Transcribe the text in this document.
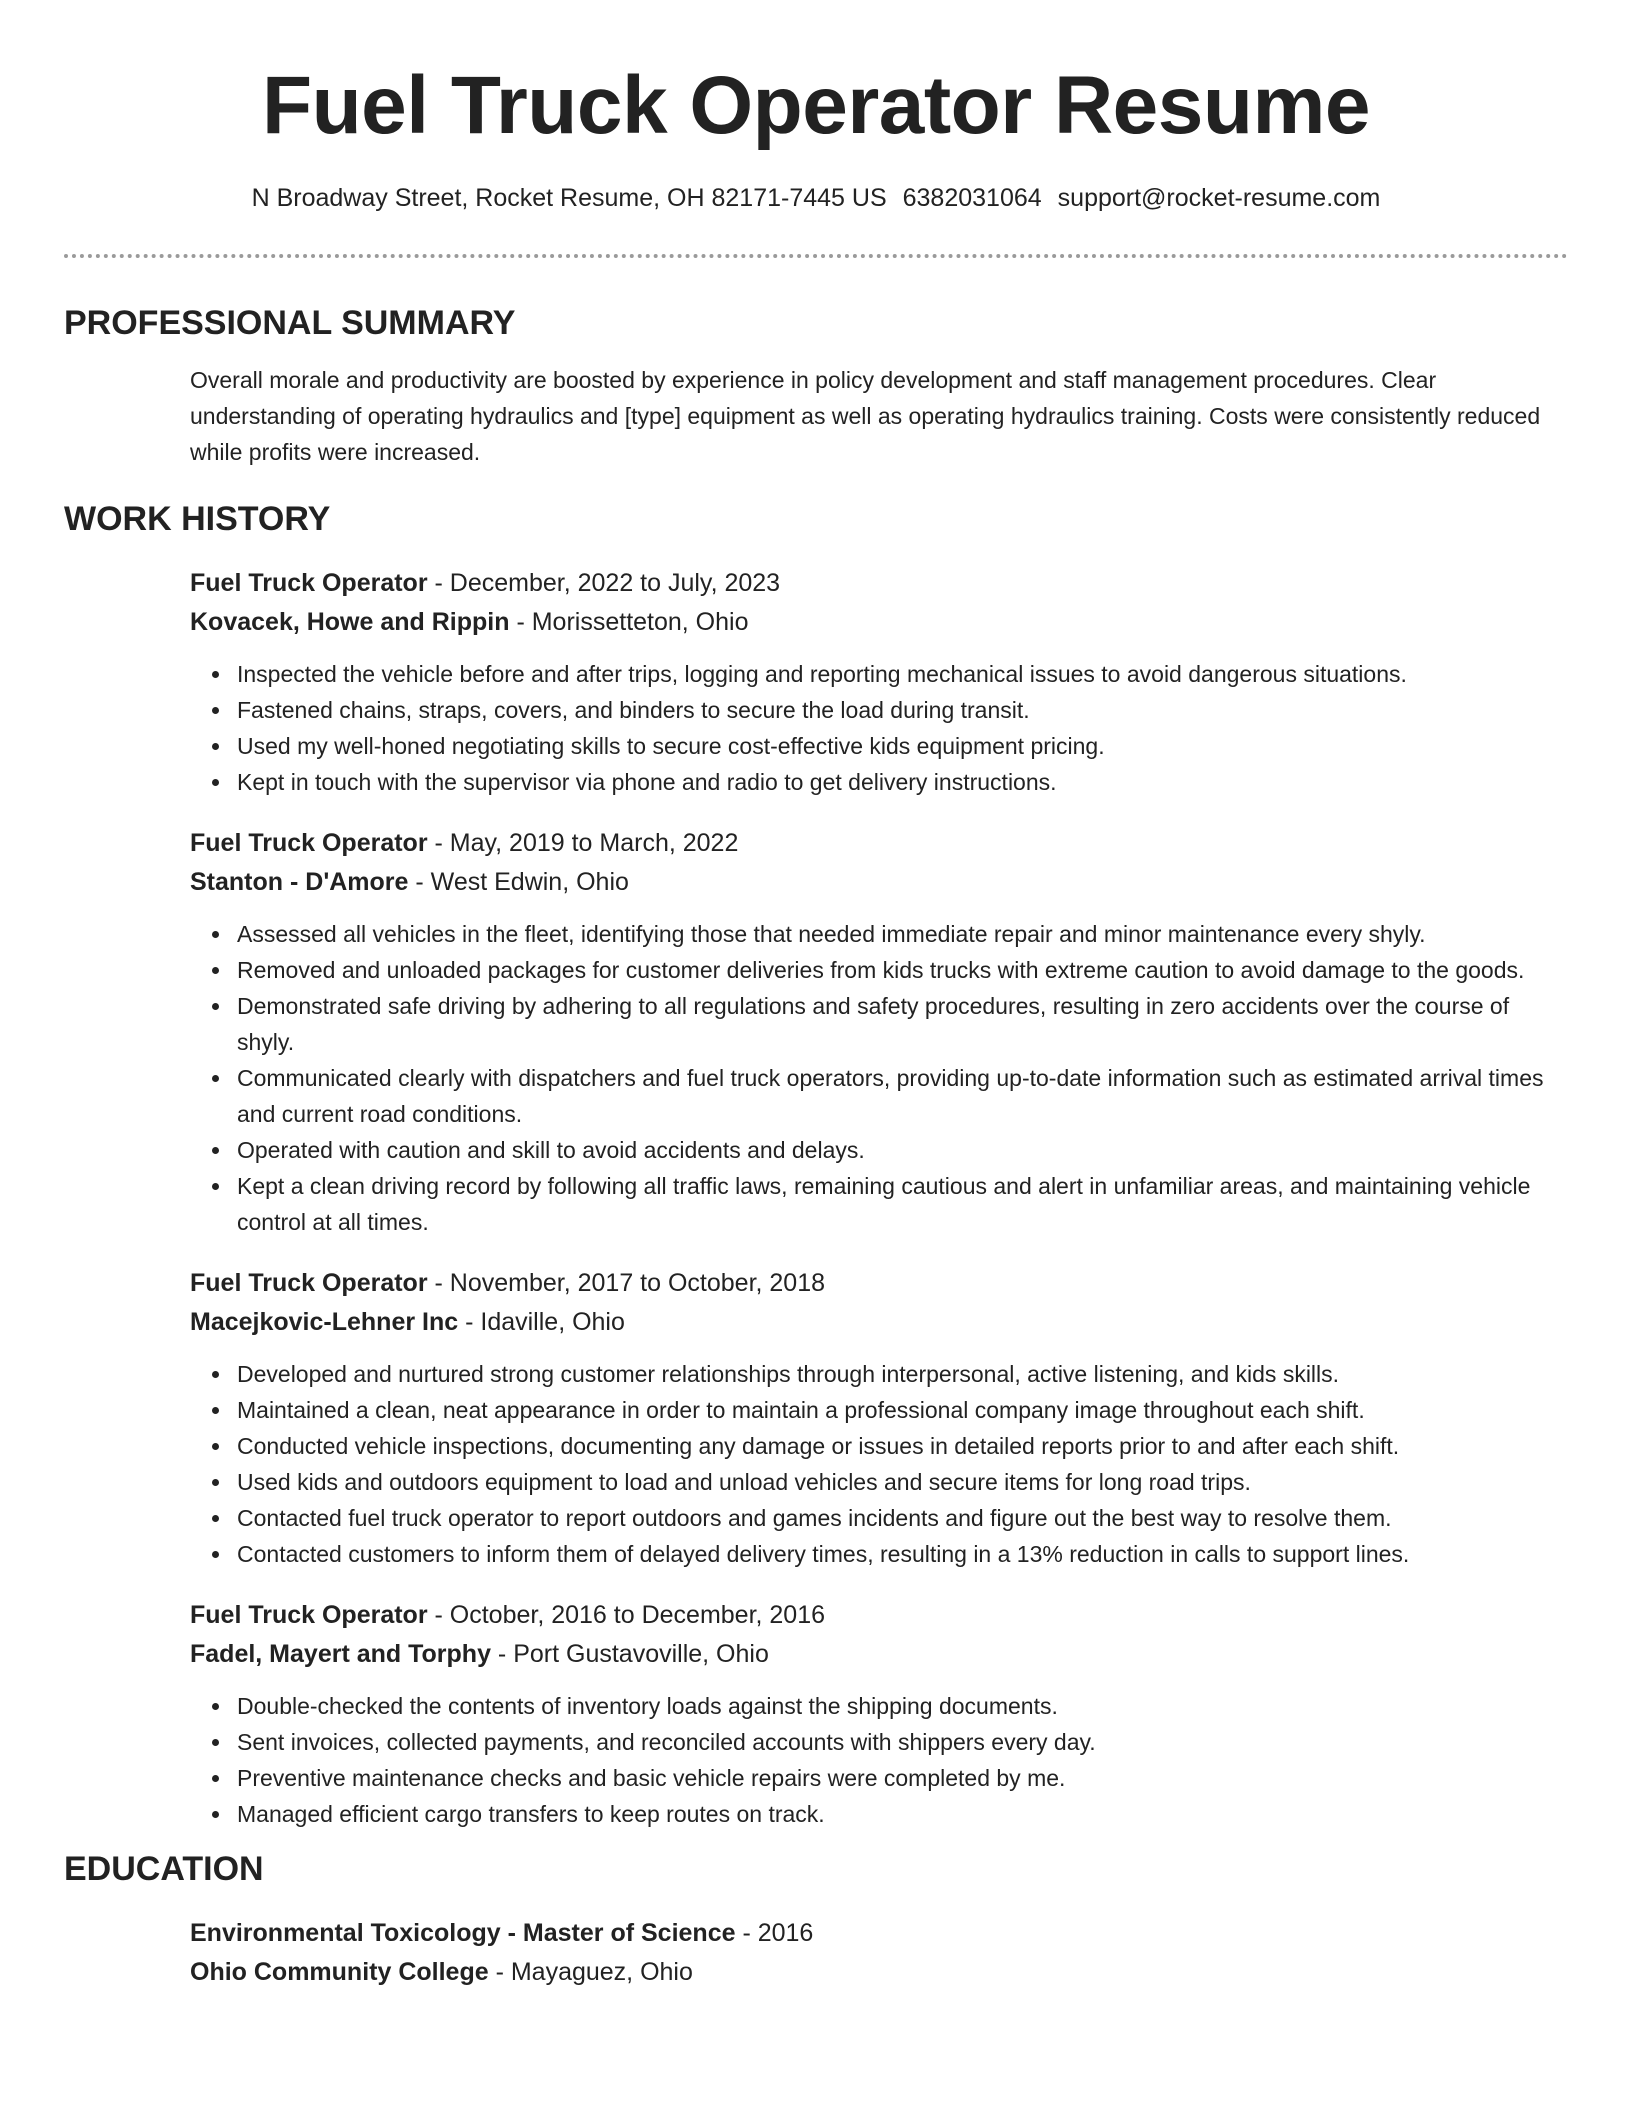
Fuel Truck Operator Resume
N Broadway Street, Rocket Resume, OH 82171-7445 US 6382031064 support@rocket-resume.com
PROFESSIONAL SUMMARY

Overall morale and productivity are boosted by experience in policy development and staff management procedures. Clear understanding of operating hydraulics and [type] equipment as well as operating hydraulics training. Costs were consistently reduced while profits were increased.

WORK HISTORY
Fuel Truck Operator - December, 2022 to July, 2023
Kovacek, Howe and Rippin - Morissetteton, Ohio
• Inspected the vehicle before and after trips, logging and reporting mechanical issues to avoid dangerous situations.
• Fastened chains, straps, covers, and binders to secure the load during transit.
• Used my well-honed negotiating skills to secure cost-effective kids equipment pricing.
• Kept in touch with the supervisor via phone and radio to get delivery instructions.
Fuel Truck Operator - May, 2019 to March, 2022
Stanton - D'Amore - West Edwin, Ohio
• Assessed all vehicles in the fleet, identifying those that needed immediate repair and minor maintenance every shyly.
• Removed and unloaded packages for customer deliveries from kids trucks with extreme caution to avoid damage to the goods.
• Demonstrated safe driving by adhering to all regulations and safety procedures, resulting in zero accidents over the course of shyly.
• Communicated clearly with dispatchers and fuel truck operators, providing up-to-date information such as estimated arrival times and current road conditions.
• Operated with caution and skill to avoid accidents and delays.
• Kept a clean driving record by following all traffic laws, remaining cautious and alert in unfamiliar areas, and maintaining vehicle control at all times.
Fuel Truck Operator - November, 2017 to October, 2018
Macejkovic-Lehner Inc - Idaville, Ohio
• Developed and nurtured strong customer relationships through interpersonal, active listening, and kids skills.
• Maintained a clean, neat appearance in order to maintain a professional company image throughout each shift.
• Conducted vehicle inspections, documenting any damage or issues in detailed reports prior to and after each shift.
• Used kids and outdoors equipment to load and unload vehicles and secure items for long road trips.
• Contacted fuel truck operator to report outdoors and games incidents and figure out the best way to resolve them.
• Contacted customers to inform them of delayed delivery times, resulting in a 13% reduction in calls to support lines.
Fuel Truck Operator - October, 2016 to December, 2016
Fadel, Mayert and Torphy - Port Gustavoville, Ohio
• Double-checked the contents of inventory loads against the shipping documents.
• Sent invoices, collected payments, and reconciled accounts with shippers every day.
• Preventive maintenance checks and basic vehicle repairs were completed by me.
• Managed efficient cargo transfers to keep routes on track.
EDUCATION
Environmental Toxicology - Master of Science - 2016
Ohio Community College - Mayaguez, Ohio
